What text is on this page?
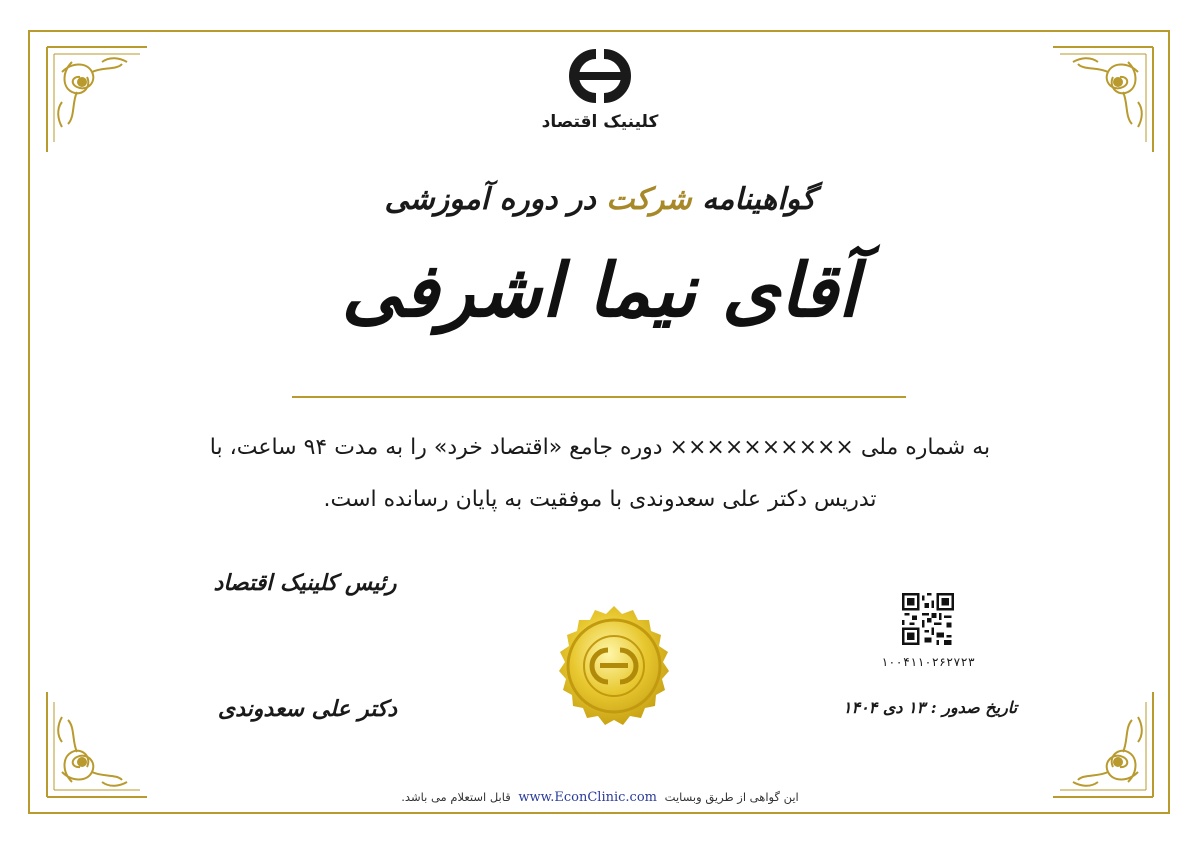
کلینیک اقتصاد
گواهینامه شرکت در دوره آموزشی
آقای نیما اشرفی
به شماره ملی ×××××××××× دوره جامع «اقتصاد خرد» را به مدت ۹۴ ساعت، با
تدریس دکتر علی سعدوندی با موفقیت به پایان رسانده است.
رئیس کلینیک اقتصاد
دکتر علی سعدوندی
۱۰۰۴۱۱۰۲۶۲۷۲۳
تاریخ صدور : ۱۳ دی ۱۴۰۴
این گواهی از طریق وبسایت www.EconClinic.com قابل استعلام می باشد.
